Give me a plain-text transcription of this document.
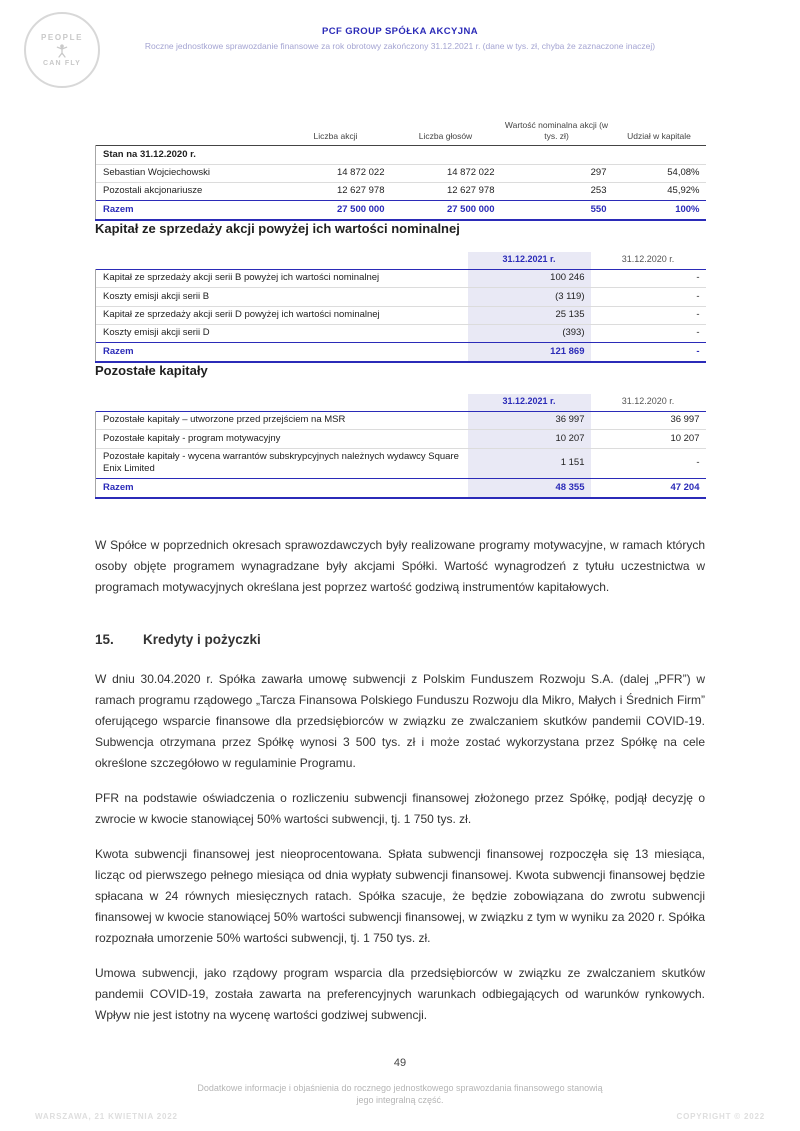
PEOPLE
CAN FLY
PCF GROUP SPÓŁKA AKCYJNA
Roczne jednostkowe sprawozdanie finansowe za rok obrotowy zakończony 31.12.2021 r. (dane w tys. zł, chyba że zaznaczone inaczej)
	Liczba akcji	Liczba głosów	Wartość nominalna akcji (w tys. zł)	Udział w kapitale
Stan na 31.12.2020 r.				
Sebastian Wojciechowski	14 872 022	14 872 022	297	54,08%
Pozostali akcjonariusze	12 627 978	12 627 978	253	45,92%
Razem	27 500 000	27 500 000	550	100%
Kapitał ze sprzedaży akcji powyżej ich wartości nominalnej
	31.12.2021 r.	31.12.2020 r.
Kapitał ze sprzedaży akcji serii B powyżej ich wartości nominalnej	100 246	-
Koszty emisji akcji serii B	(3 119)	-
Kapitał ze sprzedaży akcji serii D powyżej ich wartości nominalnej	25 135	-
Koszty emisji akcji serii D	(393)	-
Razem	121 869	-
Pozostałe kapitały
	31.12.2021 r.	31.12.2020 r.
Pozostałe kapitały – utworzone przed przejściem na MSR	36 997	36 997
Pozostałe kapitały - program motywacyjny	10 207	10 207
Pozostałe kapitały - wycena warrantów subskrypcyjnych należnych wydawcy Square Enix Limited	1 151	-
Razem	48 355	47 204

W Spółce w poprzednich okresach sprawozdawczych były realizowane programy motywacyjne, w ramach których osoby objęte programem wynagradzane były akcjami Spółki. Wartość wynagrodzeń z tytułu uczestnictwa w programach motywacyjnych określana jest poprzez wartość godziwą instrumentów kapitałowych.

15.	Kredyty i pożyczki

W dniu 30.04.2020 r. Spółka zawarła umowę subwencji z Polskim Funduszem Rozwoju S.A. (dalej „PFR”) w ramach programu rządowego „Tarcza Finansowa Polskiego Funduszu Rozwoju dla Mikro, Małych i Średnich Firm” oferującego wsparcie finansowe dla przedsiębiorców w związku ze zwalczaniem skutków pandemii COVID-19. Subwencja otrzymana przez Spółkę wynosi 3 500 tys. zł i może zostać wykorzystana przez Spółkę na cele określone szczegółowo w regulaminie Programu.

PFR na podstawie oświadczenia o rozliczeniu subwencji finansowej złożonego przez Spółkę, podjął decyzję o zwrocie w kwocie stanowiącej 50% wartości subwencji, tj. 1 750 tys. zł.

Kwota subwencji finansowej jest nieoprocentowana. Spłata subwencji finansowej rozpoczęła się 13 miesiąca, licząc od pierwszego pełnego miesiąca od dnia wypłaty subwencji finansowej. Kwota subwencji finansowej będzie spłacana w 24 równych miesięcznych ratach. Spółka szacuje, że będzie zobowiązana do zwrotu subwencji finansowej w kwocie stanowiącej 50% wartości subwencji finansowej, w związku z tym w wyniku za 2020 r. Spółka rozpoznała umorzenie 50% wartości subwencji, tj. 1 750 tys. zł.

Umowa subwencji, jako rządowy program wsparcia dla przedsiębiorców w związku ze zwalczaniem skutków pandemii COVID-19, została zawarta na preferencyjnych warunkach odbiegających od warunków rynkowych. Wpływ nie jest istotny na wycenę wartości godziwej subwencji.

49
Dodatkowe informacje i objaśnienia do rocznego jednostkowego sprawozdania finansowego stanowią jego integralną część.
WARSZAWA, 21 KWIETNIA 2022	COPYRIGHT © 2022
